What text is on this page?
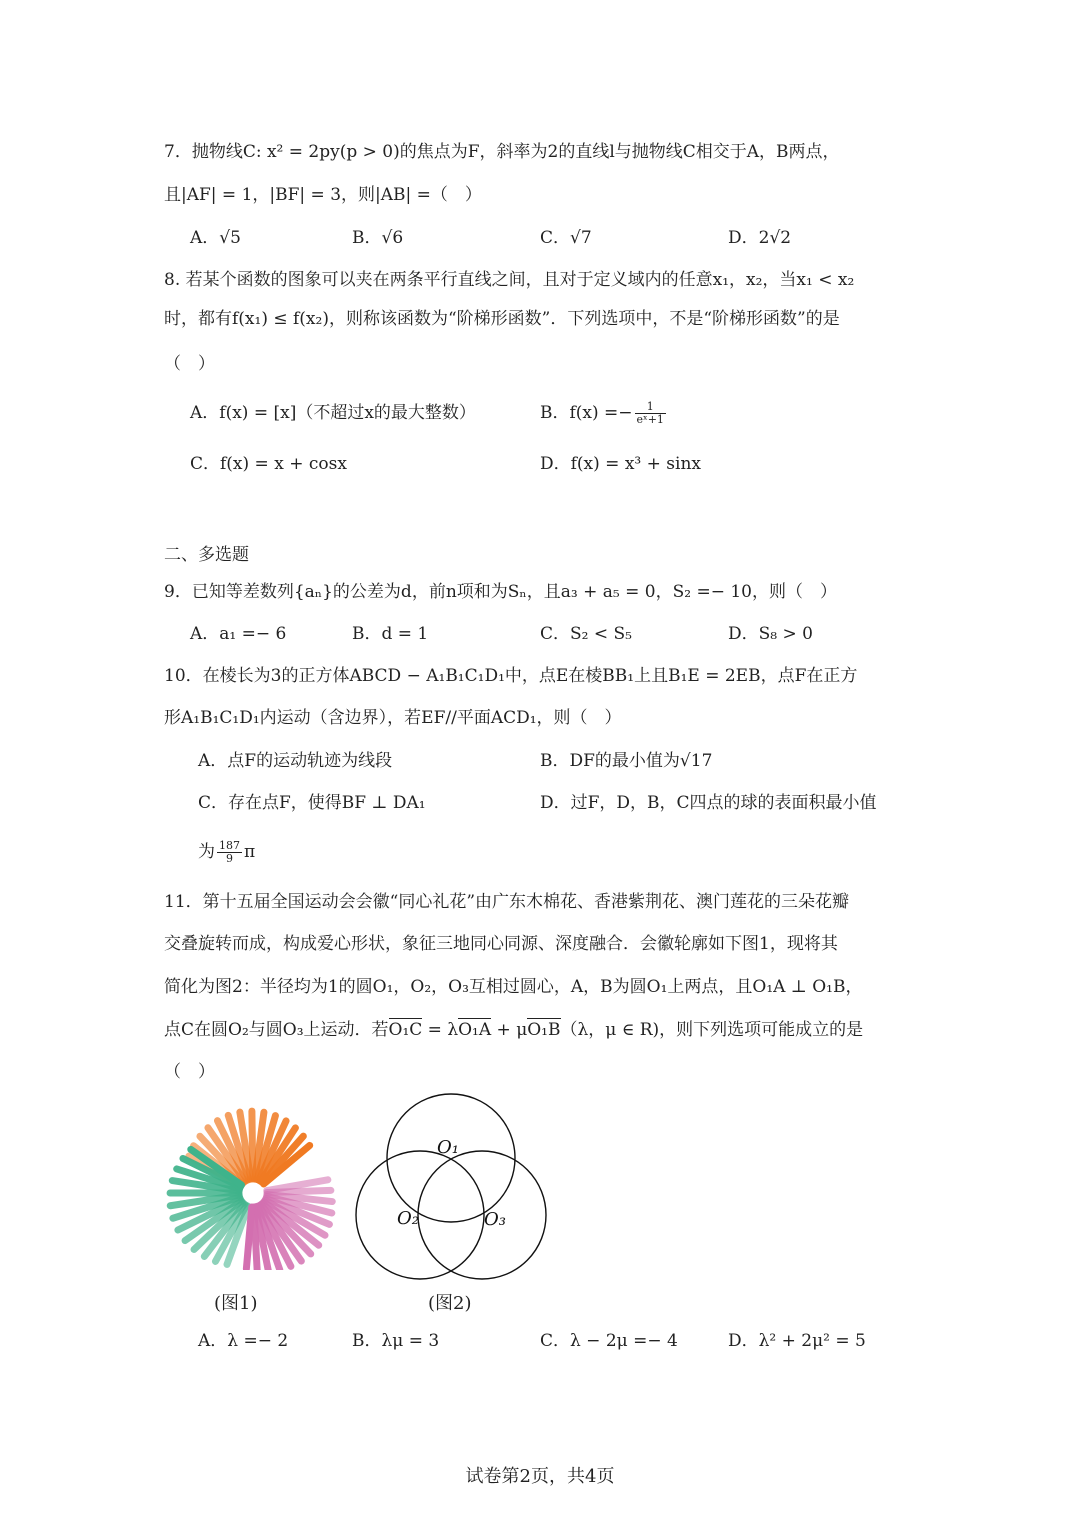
7．抛物线C: x² = 2py(p > 0)的焦点为F，斜率为2的直线l与抛物线C相交于A，B两点，
且|AF| = 1，|BF| = 3，则|AB| =（　）
A．√5	B．√6	C．√7	D．2√2
8. 若某个函数的图象可以夹在两条平行直线之间，且对于定义域内的任意x₁，x₂，当x₁ < x₂
时，都有f(x₁) ≤ f(x₂)，则称该函数为“阶梯形函数”．下列选项中，不是“阶梯形函数”的是
（　）
A．f(x) = [x]（不超过x的最大整数）	B．$f(x) =- \frac{1}{\text{eˣ+1}}$
C．f(x) = x + cosx	D．f(x) = x³ + sinx
二、多选题
9．已知等差数列{aₙ}的公差为d，前n项和为Sₙ，且a₃ + a₅ = 0，S₂ =− 10，则（　）
A．a₁ =− 6	B．d = 1	C．S₂ < S₅	D．S₈ > 0
10．在棱长为3的正方体ABCD − A₁B₁C₁D₁中，点E在棱BB₁上且B₁E = 2EB，点F在正方
形A₁B₁C₁D₁内运动（含边界），若EF//平面ACD₁，则（　）
A．点F的运动轨迹为线段	B．DF的最小值为√17
C．存在点F，使得BF ⊥ DA₁	D．过F，D，B，C四点的球的表面积最小值
为 $\frac{187}{9}$ π
11．第十五届全国运动会会徽“同心礼花”由广东木棉花、香港紫荆花、澳门莲花的三朵花瓣
交叠旋转而成，构成爱心形状，象征三地同心同源、深度融合．会徽轮廓如下图1，现将其
简化为图2：半径均为1的圆O₁，O₂，O₃互相过圆心，A，B为圆O₁上两点，且O₁A ⊥ O₁B，
点C在圆O₂与圆O₃上运动．若O₁C = λO₁A + μO₁B（λ，μ ∈ R)，则下列选项可能成立的是
（　）
(图1)
O₁
O₂	O₃
(图2)
A．λ =− 2	B．λμ = 3	C．λ − 2μ =− 4	D．λ² + 2μ² = 5
试卷第2页，共4页
